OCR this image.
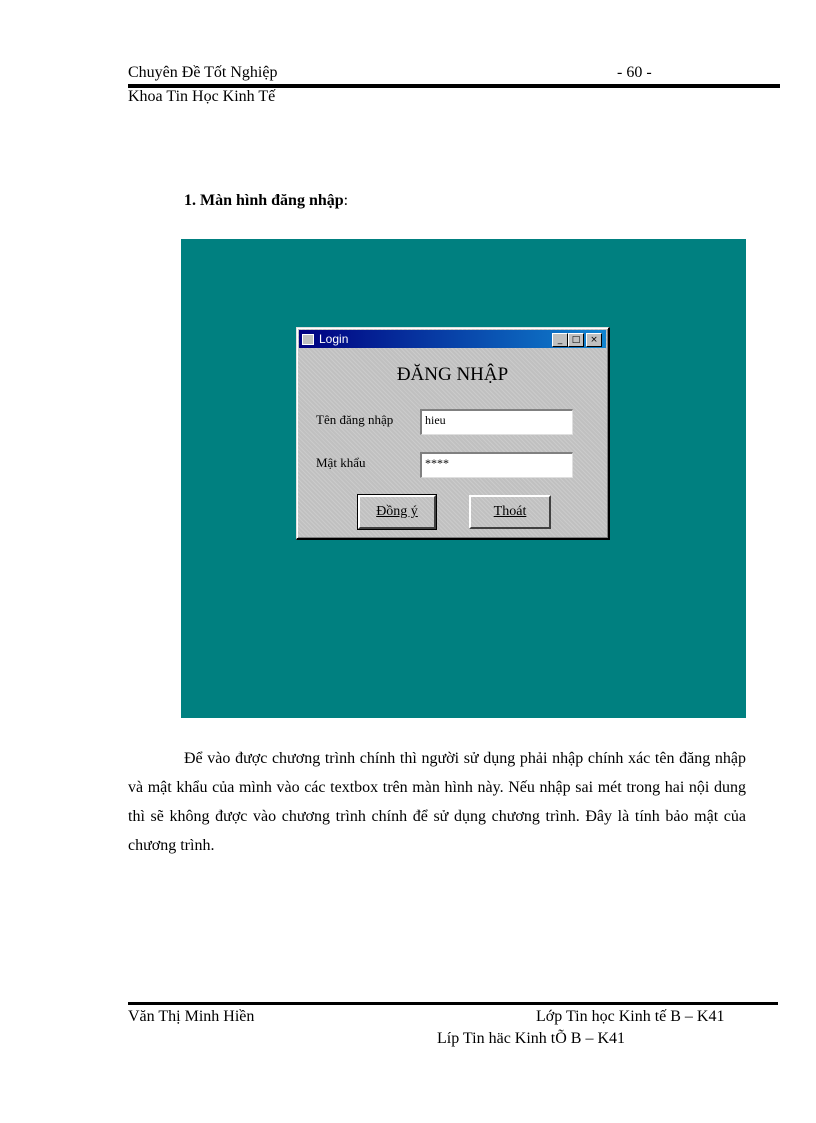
Chuyên Đề Tốt Nghiệp	- 60 -
Khoa Tin Học Kinh Tế
1. Màn hình đăng nhập:
Login	_	□	×
ĐĂNG NHẬP
Tên đăng nhập	hieu
Mật khẩu	****
Đồng ý	Thoát
Để vào được chương trình chính thì người sử dụng phải nhập chính xác tên đăng nhập và mật khẩu của mình vào các textbox trên màn hình này. Nếu nhập sai mét trong hai nội dung thì sẽ không được vào chương trình chính để sử dụng chương trình. Đây là tính bảo mật của chương trình.
Văn Thị Minh Hiền	Lớp Tin học Kinh tế B – K41
Líp Tin häc Kinh tÕ B – K41
